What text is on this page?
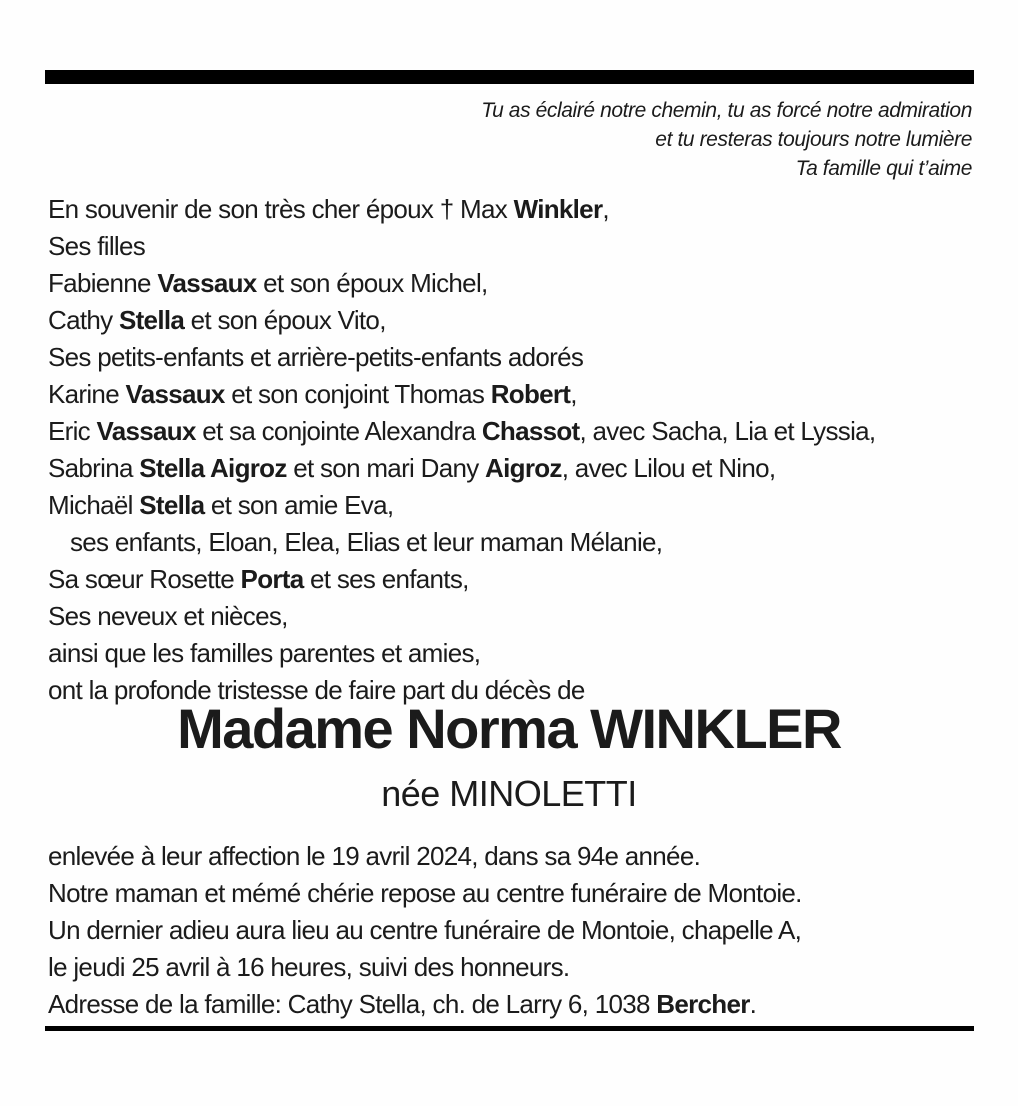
Tu as éclairé notre chemin, tu as forcé notre admiration

et tu resteras toujours notre lumière

Ta famille qui t’aime

En souvenir de son très cher époux † Max Winkler,

Ses filles

Fabienne Vassaux et son époux Michel,

Cathy Stella et son époux Vito,

Ses petits-enfants et arrière-petits-enfants adorés

Karine Vassaux et son conjoint Thomas Robert,

Eric Vassaux et sa conjointe Alexandra Chassot, avec Sacha, Lia et Lyssia,

Sabrina Stella Aigroz et son mari Dany Aigroz, avec Lilou et Nino,

Michaël Stella et son amie Eva,

ses enfants, Eloan, Elea, Elias et leur maman Mélanie,

Sa sœur Rosette Porta et ses enfants,

Ses neveux et nièces,

ainsi que les familles parentes et amies,

ont la profonde tristesse de faire part du décès de

Madame Norma WINKLER

née MINOLETTI

enlevée à leur affection le 19 avril 2024, dans sa 94e année.

Notre maman et mémé chérie repose au centre funéraire de Montoie.

Un dernier adieu aura lieu au centre funéraire de Montoie, chapelle A,

le jeudi 25 avril à 16 heures, suivi des honneurs.

Adresse de la famille: Cathy Stella, ch. de Larry 6, 1038 Bercher.
